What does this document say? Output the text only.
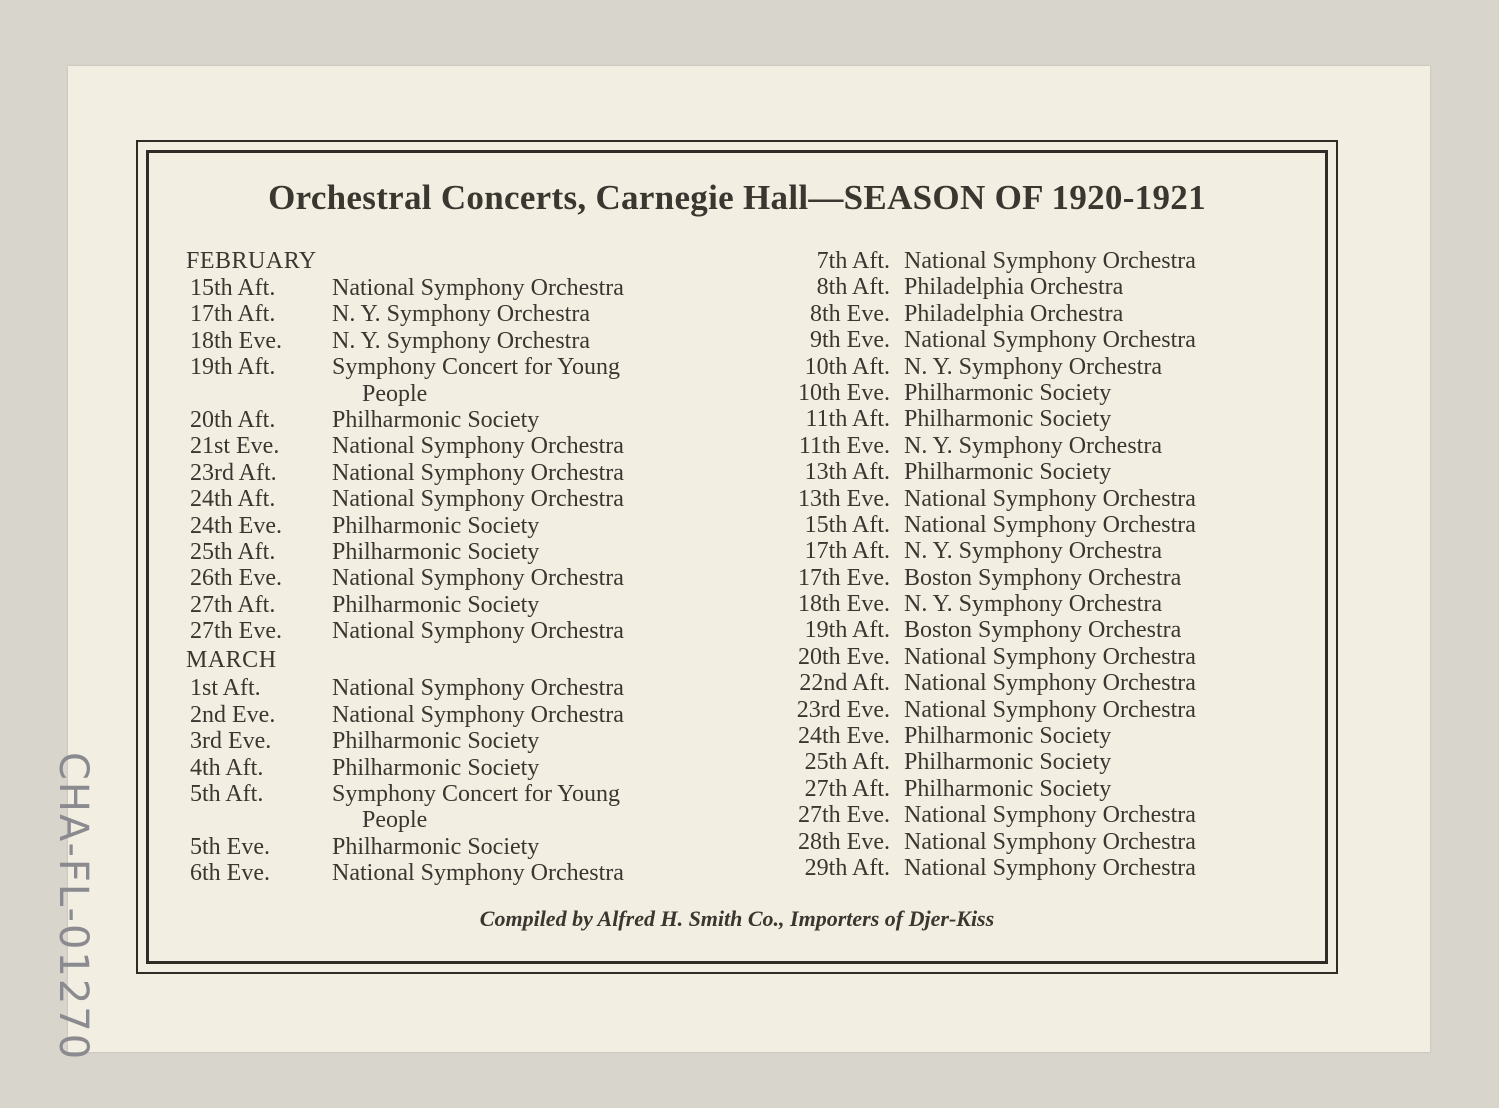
Orchestral Concerts, Carnegie Hall—SEASON OF 1920-1921
FEBRUARY
15th Aft.	National Symphony Orchestra
17th Aft.	N. Y. Symphony Orchestra
18th Eve.	N. Y. Symphony Orchestra
19th Aft.	Symphony Concert for Young
People
20th Aft.	Philharmonic Society
21st Eve.	National Symphony Orchestra
23rd Aft.	National Symphony Orchestra
24th Aft.	National Symphony Orchestra
24th Eve.	Philharmonic Society
25th Aft.	Philharmonic Society
26th Eve.	National Symphony Orchestra
27th Aft.	Philharmonic Society
27th Eve.	National Symphony Orchestra
MARCH
1st Aft.	National Symphony Orchestra
2nd Eve.	National Symphony Orchestra
3rd Eve.	Philharmonic Society
4th Aft.	Philharmonic Society
5th Aft.	Symphony Concert for Young
People
5th Eve.	Philharmonic Society
6th Eve.	National Symphony Orchestra
7th Aft. National Symphony Orchestra
8th Aft. Philadelphia Orchestra
8th Eve. Philadelphia Orchestra
9th Eve. National Symphony Orchestra
10th Aft. N. Y. Symphony Orchestra
10th Eve. Philharmonic Society
11th Aft. Philharmonic Society
11th Eve. N. Y. Symphony Orchestra
13th Aft. Philharmonic Society
13th Eve. National Symphony Orchestra
15th Aft. National Symphony Orchestra
17th Aft. N. Y. Symphony Orchestra
17th Eve. Boston Symphony Orchestra
18th Eve. N. Y. Symphony Orchestra
19th Aft. Boston Symphony Orchestra
20th Eve. National Symphony Orchestra
22nd Aft. National Symphony Orchestra
23rd Eve. National Symphony Orchestra
24th Eve. Philharmonic Society
25th Aft. Philharmonic Society
27th Aft. Philharmonic Society
27th Eve. National Symphony Orchestra
28th Eve. National Symphony Orchestra
29th Aft. National Symphony Orchestra
Compiled by Alfred H. Smith Co., Importers of Djer-Kiss
CHA-FL-01270
